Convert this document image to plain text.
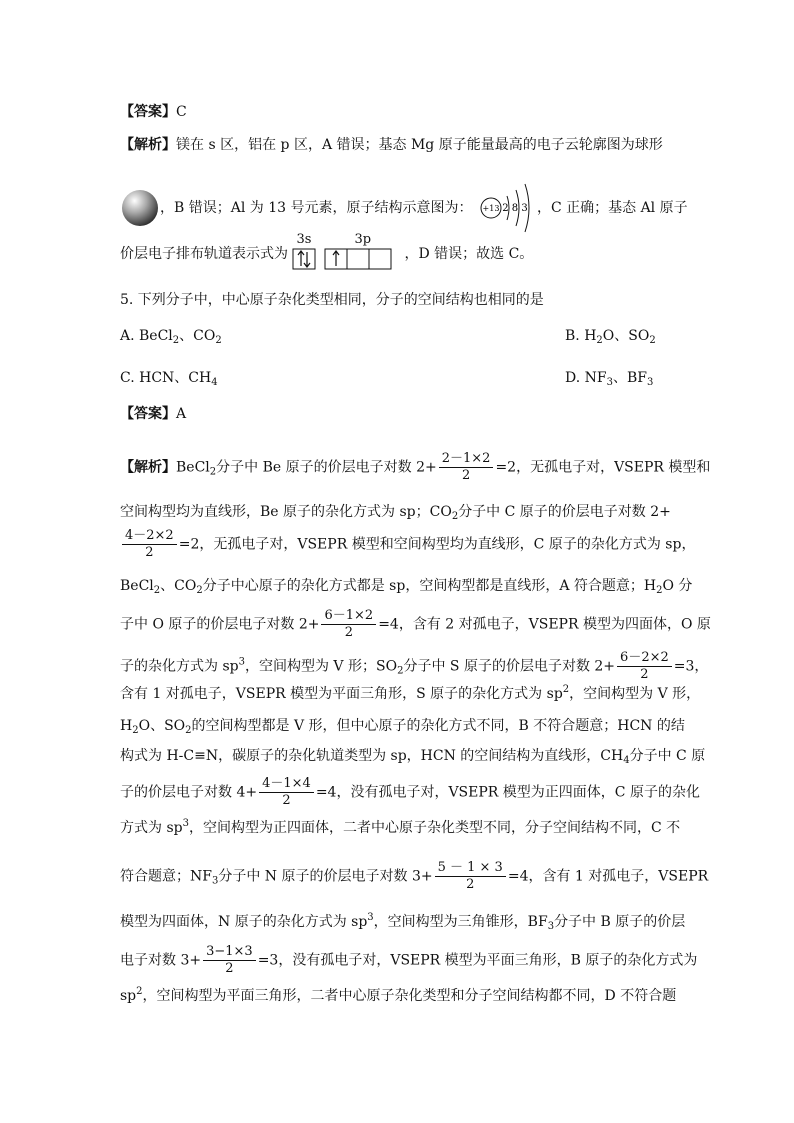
【答案】C
【解析】镁在 s 区，铝在 p 区，A 错误；基态 Mg 原子能量最高的电子云轮廓图为球形
，B 错误；Al 为 13 号元素，原子结构示意图为： +13 2 8 3 ，C 正确；基态 Al 原子
价层电子排布轨道表示式为
3s	3p
，D 错误；故选 C。
5. 下列分子中，中心原子杂化类型相同，分子的空间结构也相同的是
A. BeCl$_2$、$CO_2$	B. $H_2O$、$SO_2$
C. HCN、$CH_4$	D. $NF_3$、$BF_3$
【答案】A
【解析】BeCl$_2$分子中 Be 原子的价层电子对数 $2+ \frac{2-1\times 2}{2} =2$，无孤电子对，VSEPR 模型和
空间构型均为直线形，Be 原子的杂化方式为 sp；$CO_2$分子中 C 原子的价层电子对数 2+
$\frac{4-2\times 2}{2} =2$，无孤电子对，VSEPR 模型和空间构型均为直线形，C 原子的杂化方式为 sp，
BeCl$_2$、$CO_2$分子中心原子的杂化方式都是 sp，空间构型都是直线形，A 符合题意；$H_2O$ 分
子中 O 原子的价层电子对数 $2+ \frac{6-1\times 2}{2} =4$，含有 2 对孤电子，VSEPR 模型为四面体，O 原
子的杂化方式为 $sp^3$，空间构型为 V 形；$SO_2$分子中 S 原子的价层电子对数 $2+ \frac{6-2\times 2}{2} =3$，
含有 1 对孤电子，VSEPR 模型为平面三角形，S 原子的杂化方式为 $sp^2$，空间构型为 V 形，
$H_2O$、$SO_2$的空间构型都是 V 形，但中心原子的杂化方式不同，B 不符合题意；HCN 的结
构式为 H-C≡N，碳原子的杂化轨道类型为 sp，HCN 的空间结构为直线形，$CH_4$分子中 C 原
子的价层电子对数 $4+ \frac{4-1\times 4}{2} =4$，没有孤电子对，VSEPR 模型为正四面体，C 原子的杂化
方式为 $sp^3$，空间构型为正四面体，二者中心原子杂化类型不同，分子空间结构不同，C 不
符合题意；$NF_3$分子中 N 原子的价层电子对数 $3+ \frac{5 - 1 \times 3}{2} =4$，含有 1 对孤电子，VSEPR
模型为四面体，N 原子的杂化方式为 $sp^3$，空间构型为三角锥形，$BF_3$分子中 B 原子的价层
电子对数 $3+ \frac{3-1\times 3}{2} =3$，没有孤电子对，VSEPR 模型为平面三角形，B 原子的杂化方式为
$sp^2$，空间构型为平面三角形，二者中心原子杂化类型和分子空间结构都不同，D 不符合题
